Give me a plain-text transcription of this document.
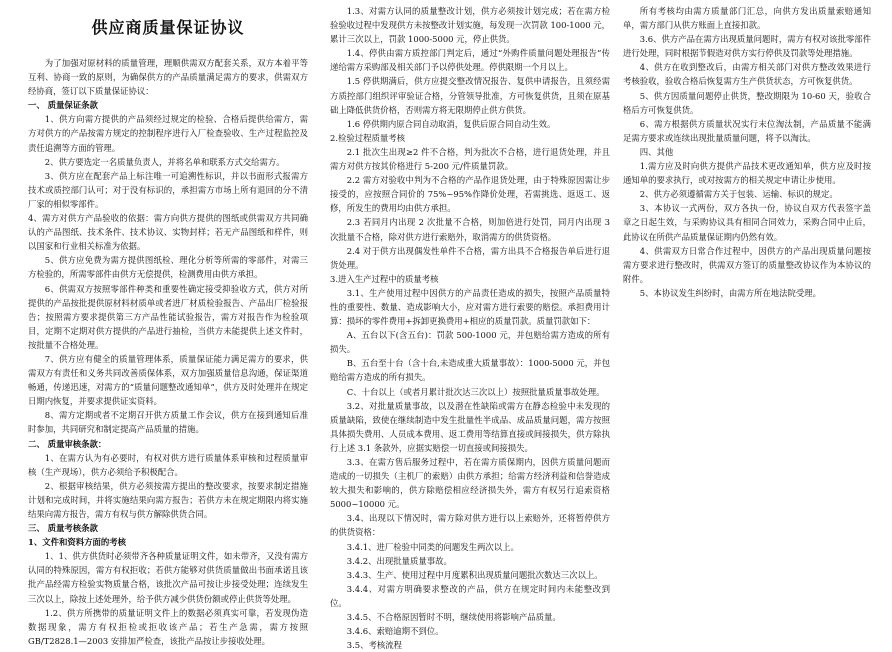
供应商质量保证协议

为了加强对原材料的质量管理，理顺供需双方配套关系，双方本着平等互利、协商一致的原则，为确保供方的产品质量满足需方的要求，供需双方经协商，签订以下质量保证协议：

一、 质量保证条款

1、供方向需方提供的产品须经过规定的检验、合格后提供给需方，需方对供方的产品按需方规定的控制程序进行入厂检查验收、生产过程监控及责任追溯等方面的管理。

2、供方要选定一名质量负责人，并将名单和联系方式交给需方。

3、供方应在配套产品上标注唯一可追溯性标识，并以书面形式报需方技术或质控部门认可；对于没有标识的，承担需方市场上所有退回的分不清厂家的相似零部件。

4、需方对供方产品验收的依据：需方向供方提供的图纸或供需双方共同确认的产品图纸、技术条件、技术协议、实物封样；若无产品图纸和样件，则以国家和行业相关标准为依据。

5、供方应免费为需方提供图纸检、理化分析等所需的零部件，对需三方检验的，所需零部件由供方无偿提供，检测费用由供方承担。

6、供需双方按照零部件种类和重要性确定接受抑验收方式，供方对所提供的产品按批提供原材料材质单或者进厂材质检验报告、产品出厂检验报告；按照需方要求提供第三方产品性能试验报告，需方对报告作为检验项目，定期不定期对供方提供的产品进行抽检，当供方未能提供上述文件时，按批量不合格处理。

7、供方应有健全的质量管理体系，质量保证能力满足需方的要求，供需双方有责任和义务共同改善质保体系，双方加强质量信息沟通，保证渠道畅通，传递迅速，对需方的“质量问题整改通知单”，供方及时处理并在规定日期内恢复，并要求提供证实资料。

8、需方定期或者不定期召开供方质量工作会议，供方在接到通知后准时参加，共同研究和制定提高产品质量的措施。

二、 质量审核条款：

1、在需方认为有必要时，有权对供方进行质量体系审核和过程质量审核（生产现场），供方必须给予积极配合。

2、根据审核结果，供方必须按需方提出的整改要求，按要求制定措施计划和完成时间，并将实施结果向需方报告；若供方未在规定期限内将实施结果向需方报告，需方有权与供方解除供货合同。

三、 质量考核条款

1、文件和资料方面的考核

1、1、供方供货时必须带齐各种质量证明文件，如未带齐，又没有需方认同的特殊原因，需方有权拒收；若供方能够对供货质量做出书面承诺且该批产品经需方检验实物质量合格，该批次产品可按让步接受处理；连续发生三次以上，除按上述处理外，给予供方减少供货份额或停止供货等处理。

1.2、供方所携带的质量证明文件上的数据必须真实可靠，若发现伪造数据现象，需方有权拒检或拒收该产品；若生产急需，需方按照 GB/T2828.1—2003 安排加严检查，该批产品按让步接收处理。

1.3、对需方认同的质量整改计划，供方必须按计划完成；若在需方检验验收过程中发现供方未按整改计划实施，每发现一次罚款 100-1000 元，累计三次以上，罚款 1000-5000 元，停止供货。

1.4、停供由需方质控部门判定后，通过“外购件质量问题处理报告”传递给需方采购部及相关部门予以停供处理。停供限期一个月以上。

1.5 停供期满后，供方应提交整改情况报告、复供申请报告，且须经需方质控部门组织评审验证合格，分管领导批准，方可恢复供货，且须在原基础上降低供货价格，否则需方将无限期停止供方供货。

1.6 停供期内原合同自动取消，复供后原合同自动生效。

2.检验过程质量考核

2.1 批次生出现≥2 件不合格，判为批次不合格，进行退货处理，并且需方对供方按其价格进行 5-200 元/件质量罚款。

2.2 需方对验收中判为不合格的产品作退货处理，由于特殊原因需让步接受的，应按照合同价的 75%~95%作降价处理，若需挑选、返返工、返修，所发生的费用均由供方承担。

2.3 若同月内出现 2 次批量不合格，则加倍进行处罚，同月内出现 3 次批量不合格，除对供方进行索赔外，取消需方的供货资格。

2.4 对于供方出现偶发性单件不合格，需方出具不合格报告单后进行退货处理。

3.进入生产过程中的质量考核

3.1、生产使用过程中因供方的产品责任造成的损失，按照产品质量特性的重要性、数量、造成影响大小，应对需方进行索要的赔偿。承担费用计算：损坏的零件费用+拆卸更换费用+相应的质量罚款。质量罚款如下：

A、五台以下(含五台)：罚款 500-1000 元，并包赔给需方造成的所有损失。

B、五台至十台（含十台,未造成重大质量事故）：1000-5000 元，并包赔给需方造成的所有损失。

C、十台以上（或者月累计批次达三次以上）按照批量质量事故处理。

3.2、对批量质量事故，以及潜在性缺陷或需方在静态检验中未发现的质量缺陷，致使在继续制造中发生批量性半成品、成品质量问题，需方按照具体损失费用、人员成本费用、返工费用等结算直接或间接损失，供方除执行上述 3.1 条款外，应据实赔偿一切直接或间接损失。

3.3、在需方售后服务过程中，若在需方质保期内，因供方质量问题而造成的一切损失（主机厂的索赔）由供方承担；给需方经济利益和信誉造成较大损失和影响的，供方除赔偿相应经济损失外，需方有权另行追索资格 5000~10000 元。

3.4、出现以下情况时，需方除对供方进行以上索赔外，还将暂停供方的供货资格：

3.4.1、进厂检验中同类的问题发生两次以上。

3.4.2、出现批量质量事故。

3.4.3、生产、使用过程中月度累积出现质量问题批次数达三次以上。

3.4.4、对需方明确要求整改的产品，供方在规定时间内未能整改到位。

3.4.5、不合格原因暂时不明，继续使用将影响产品质量。

3.4.6、索赔逾期不到位。

3.5、考核流程

所有考核均由需方质量部门汇总，向供方发出质量索赔通知单，需方部门从供方账面上直接扣款。

3.6、供方产品在需方出现质量问题时，需方有权对该批零部件进行处理，同时根据节假造对供方实行停供及罚款等处理措施。

4、供方在收到整改后，由需方相关部门对供方整改效果进行考核验收，验收合格后恢复需方生产供货状态，方可恢复供货。

5、供方因质量问题停止供货，整改期限为 10-60 天，验收合格后方可恢复供货。

6、需方根据供方质量状况实行末位淘汰制，产品质量不能满足需方要求或连续出现批量质量问题，将予以淘汰。

四、其他

1.需方应及时向供方提供产品技术更改通知单，供方应及时按通知单的要求执行，或对按需方的相关规定申请让步使用。

2、供方必须遵循需方关于包装、运输、标识的规定。

3、本协议一式两份，双方各执一份，协议自双方代表签字盖章之日起生效，与采购协议具有相同合同效力，采购合同中止后，此协议在所供产品质量保证期内仍然有效。

4、供需双方日常合作过程中，因供方的产品出现质量问题按需方要求进行整改时，供需双方签订的质量整改协议作为本协议的附件。

5、本协议发生纠纷时，由需方所在地法院受理。
